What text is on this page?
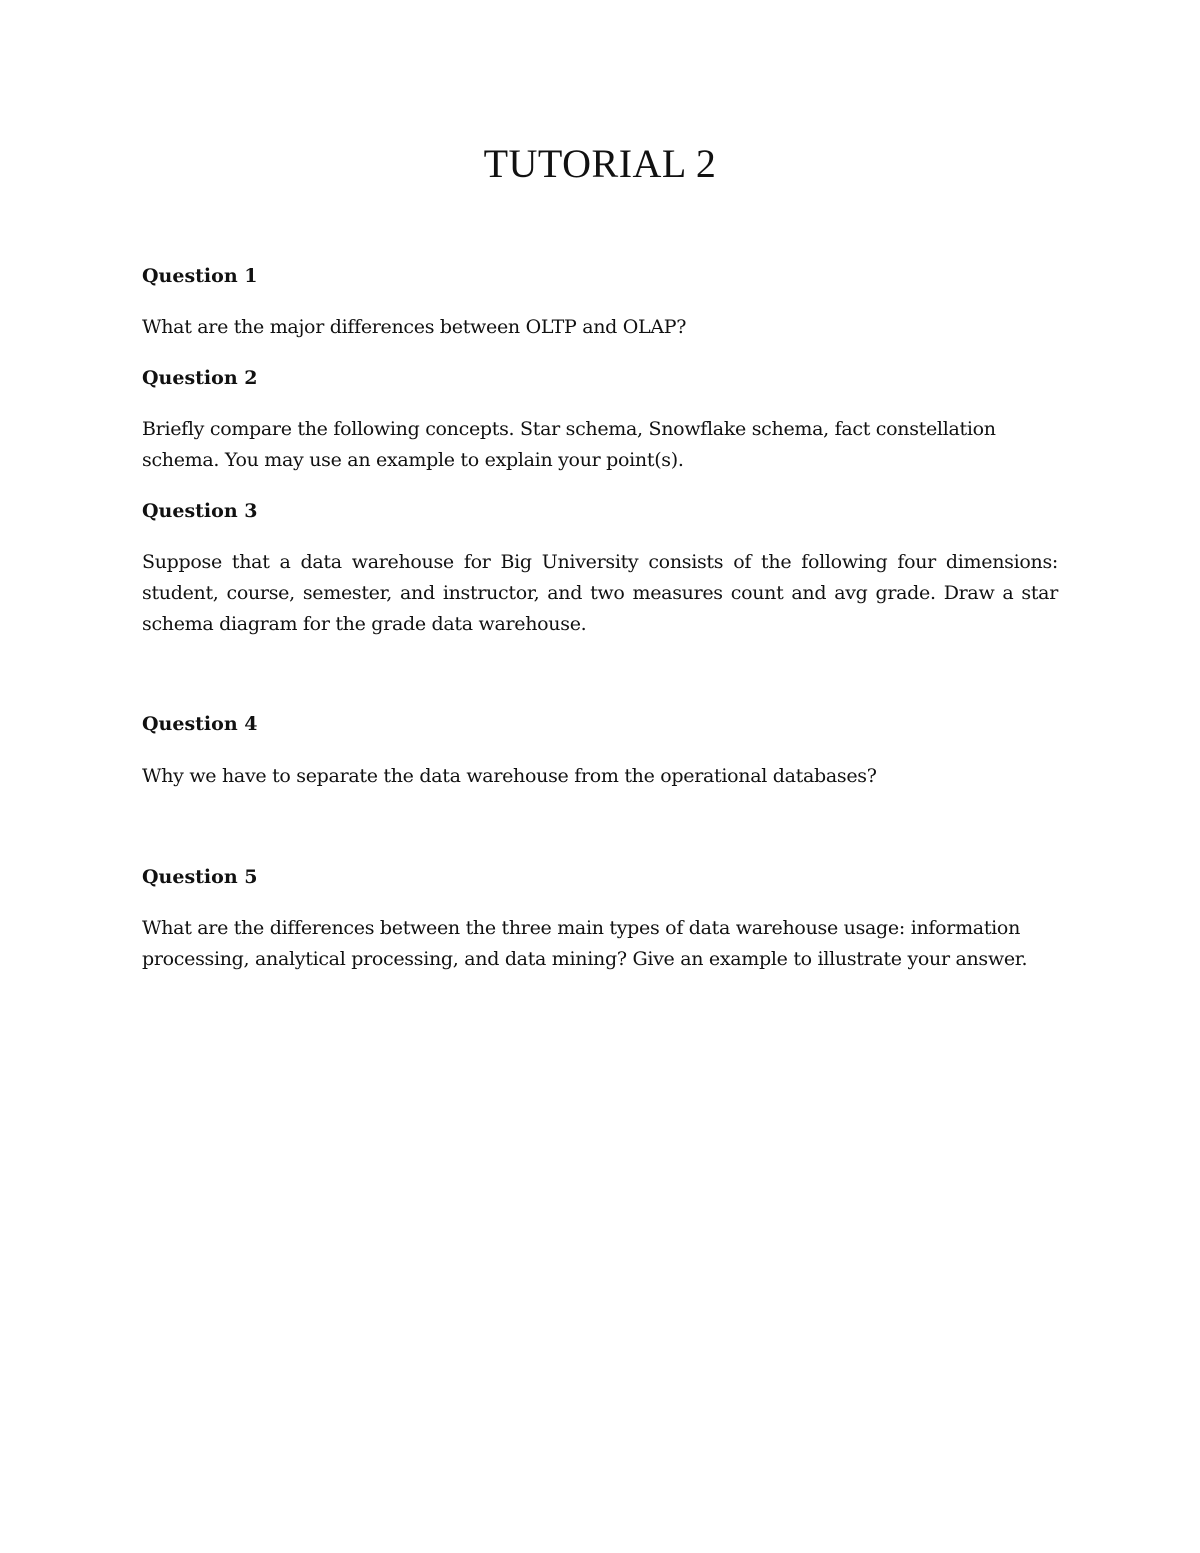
TUTORIAL 2

Question 1

What are the major differences between OLTP and OLAP?

Question 2

Briefly compare the following concepts. Star schema, Snowflake schema, fact constellation schema. You may use an example to explain your point(s).

Question 3

Suppose that a data warehouse for Big University consists of the following four dimensions: student, course, semester, and instructor, and two measures count and avg grade. Draw a star schema diagram for the grade data warehouse.

Question 4

Why we have to separate the data warehouse from the operational databases?

Question 5

What are the differences between the three main types of data warehouse usage: information processing, analytical processing, and data mining? Give an example to illustrate your answer.
